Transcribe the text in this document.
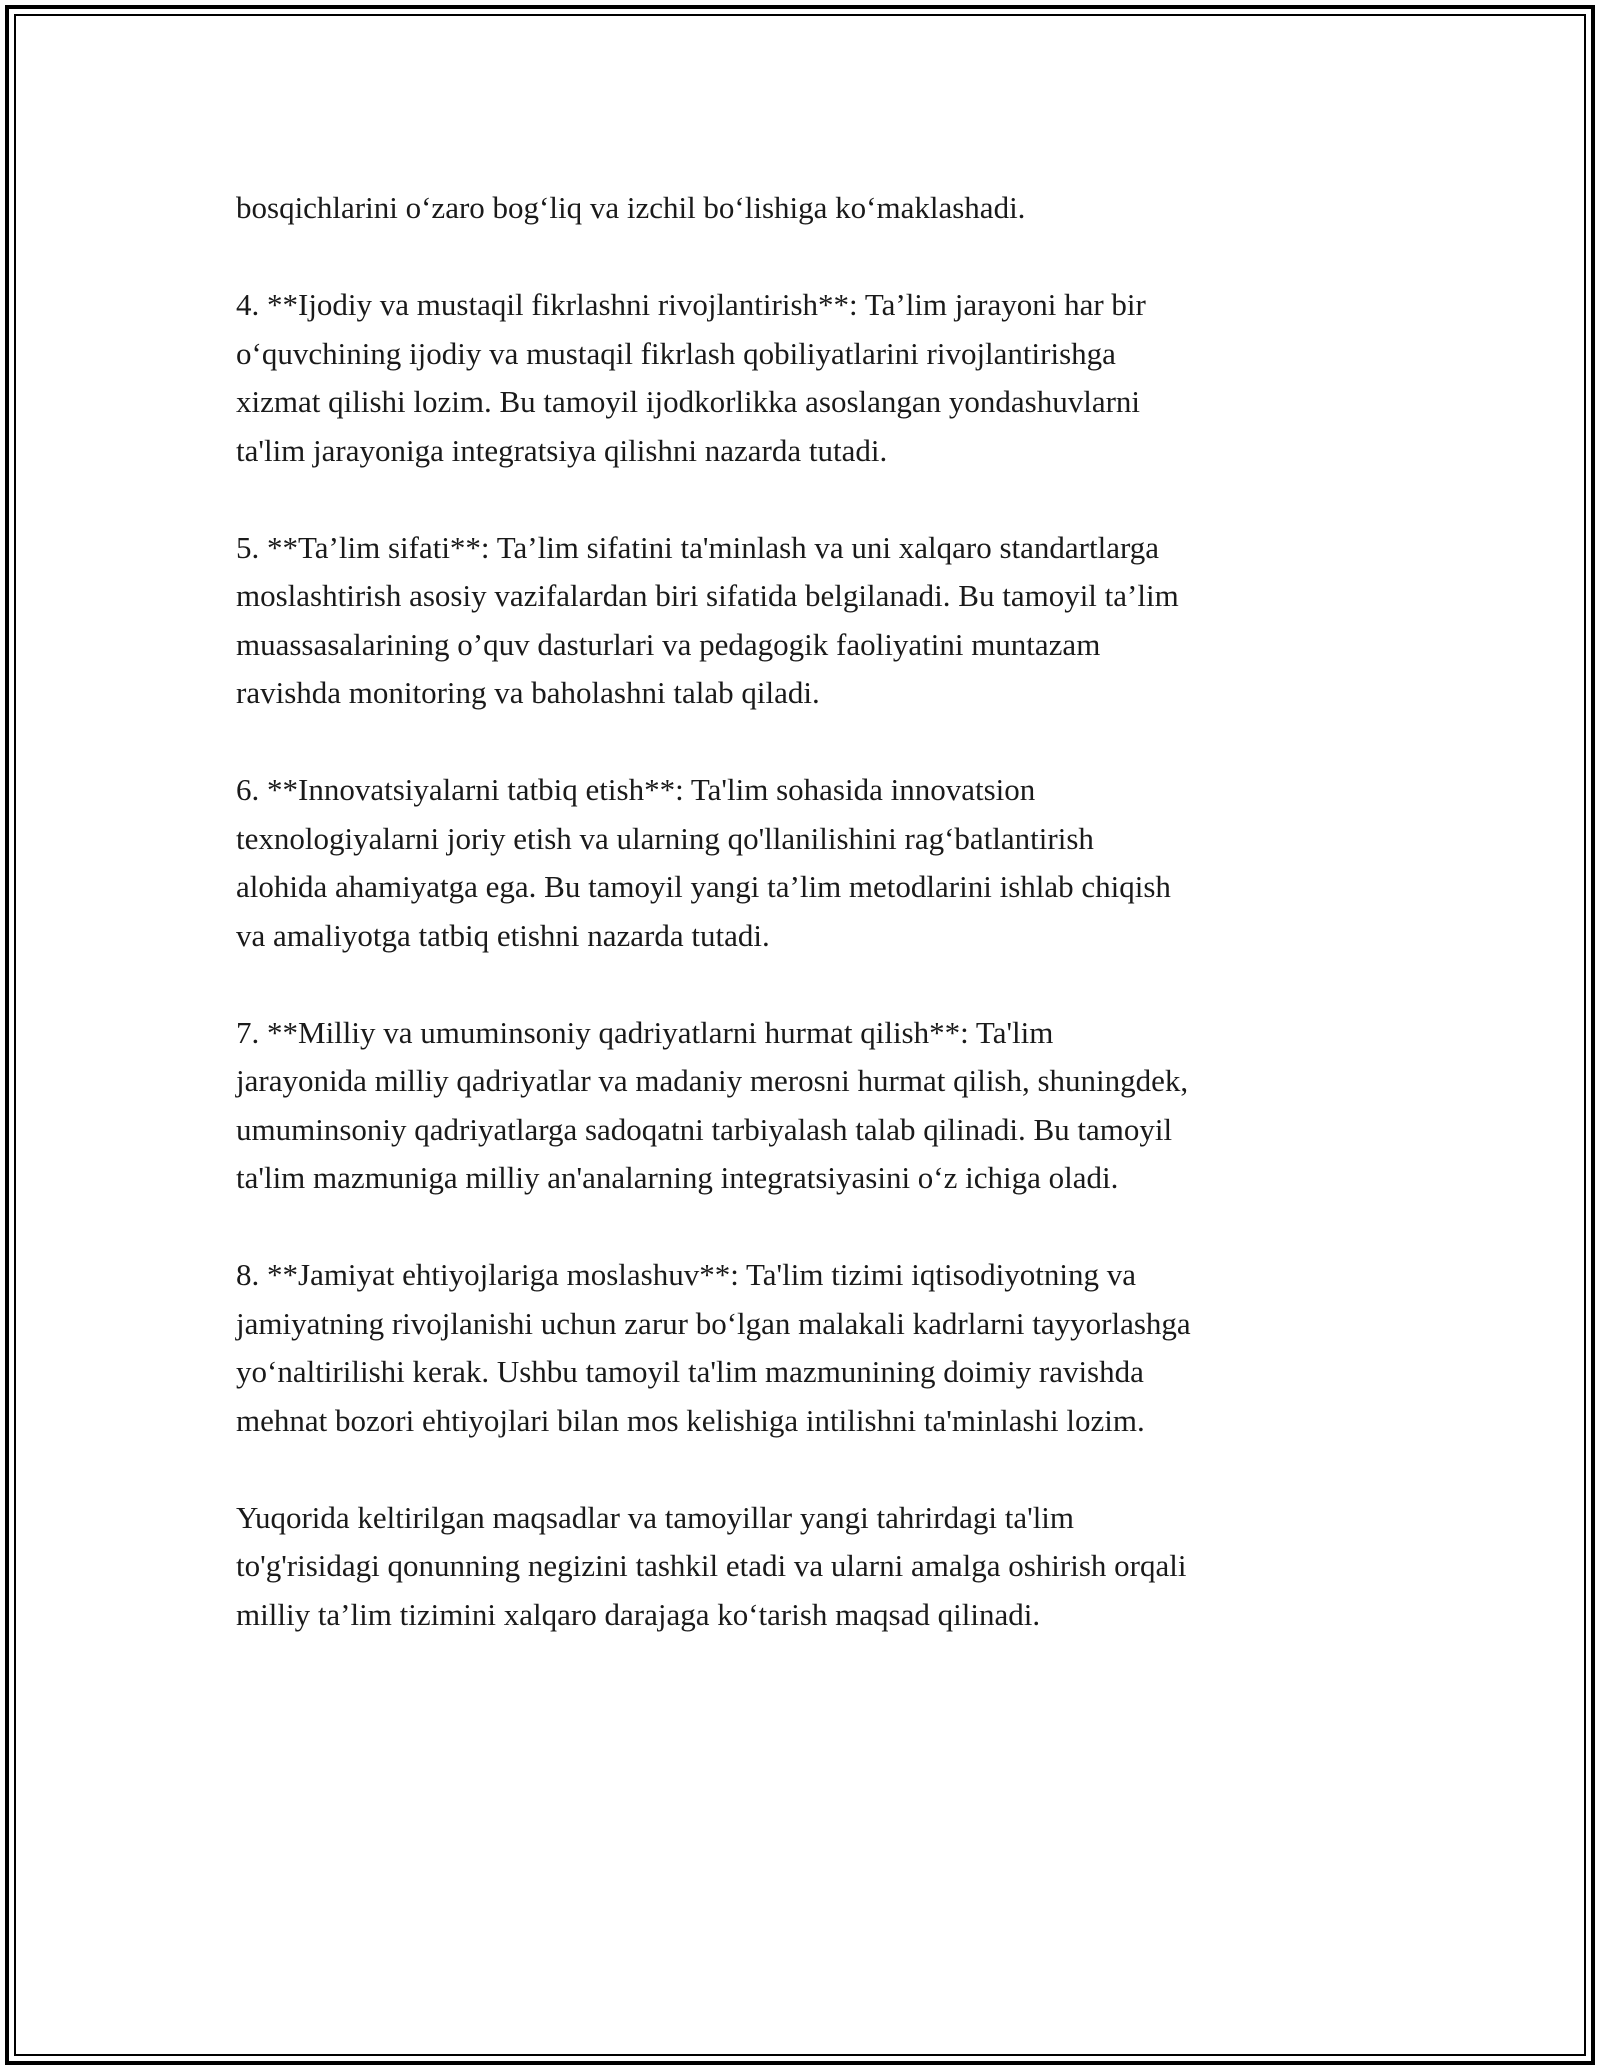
bosqichlarini o‘zaro bog‘liq va izchil bo‘lishiga ko‘maklashadi.

4. **Ijodiy va mustaqil fikrlashni rivojlantirish**: Ta’lim jarayoni har bir
o‘quvchining ijodiy va mustaqil fikrlash qobiliyatlarini rivojlantirishga
xizmat qilishi lozim. Bu tamoyil ijodkorlikka asoslangan yondashuvlarni
ta'lim jarayoniga integratsiya qilishni nazarda tutadi.

5. **Ta’lim sifati**: Ta’lim sifatini ta'minlash va uni xalqaro standartlarga
moslashtirish asosiy vazifalardan biri sifatida belgilanadi. Bu tamoyil ta’lim
muassasalarining o’quv dasturlari va pedagogik faoliyatini muntazam
ravishda monitoring va baholashni talab qiladi.

6. **Innovatsiyalarni tatbiq etish**: Ta'lim sohasida innovatsion
texnologiyalarni joriy etish va ularning qo'llanilishini rag‘batlantirish
alohida ahamiyatga ega. Bu tamoyil yangi ta’lim metodlarini ishlab chiqish
va amaliyotga tatbiq etishni nazarda tutadi.

7. **Milliy va umuminsoniy qadriyatlarni hurmat qilish**: Ta'lim
jarayonida milliy qadriyatlar va madaniy merosni hurmat qilish, shuningdek,
umuminsoniy qadriyatlarga sadoqatni tarbiyalash talab qilinadi. Bu tamoyil
ta'lim mazmuniga milliy an'analarning integratsiyasini o‘z ichiga oladi.

8. **Jamiyat ehtiyojlariga moslashuv**: Ta'lim tizimi iqtisodiyotning va
jamiyatning rivojlanishi uchun zarur bo‘lgan malakali kadrlarni tayyorlashga
yo‘naltirilishi kerak. Ushbu tamoyil ta'lim mazmunining doimiy ravishda
mehnat bozori ehtiyojlari bilan mos kelishiga intilishni ta'minlashi lozim.

Yuqorida keltirilgan maqsadlar va tamoyillar yangi tahrirdagi ta'lim
to'g'risidagi qonunning negizini tashkil etadi va ularni amalga oshirish orqali
milliy ta’lim tizimini xalqaro darajaga ko‘tarish maqsad qilinadi.
